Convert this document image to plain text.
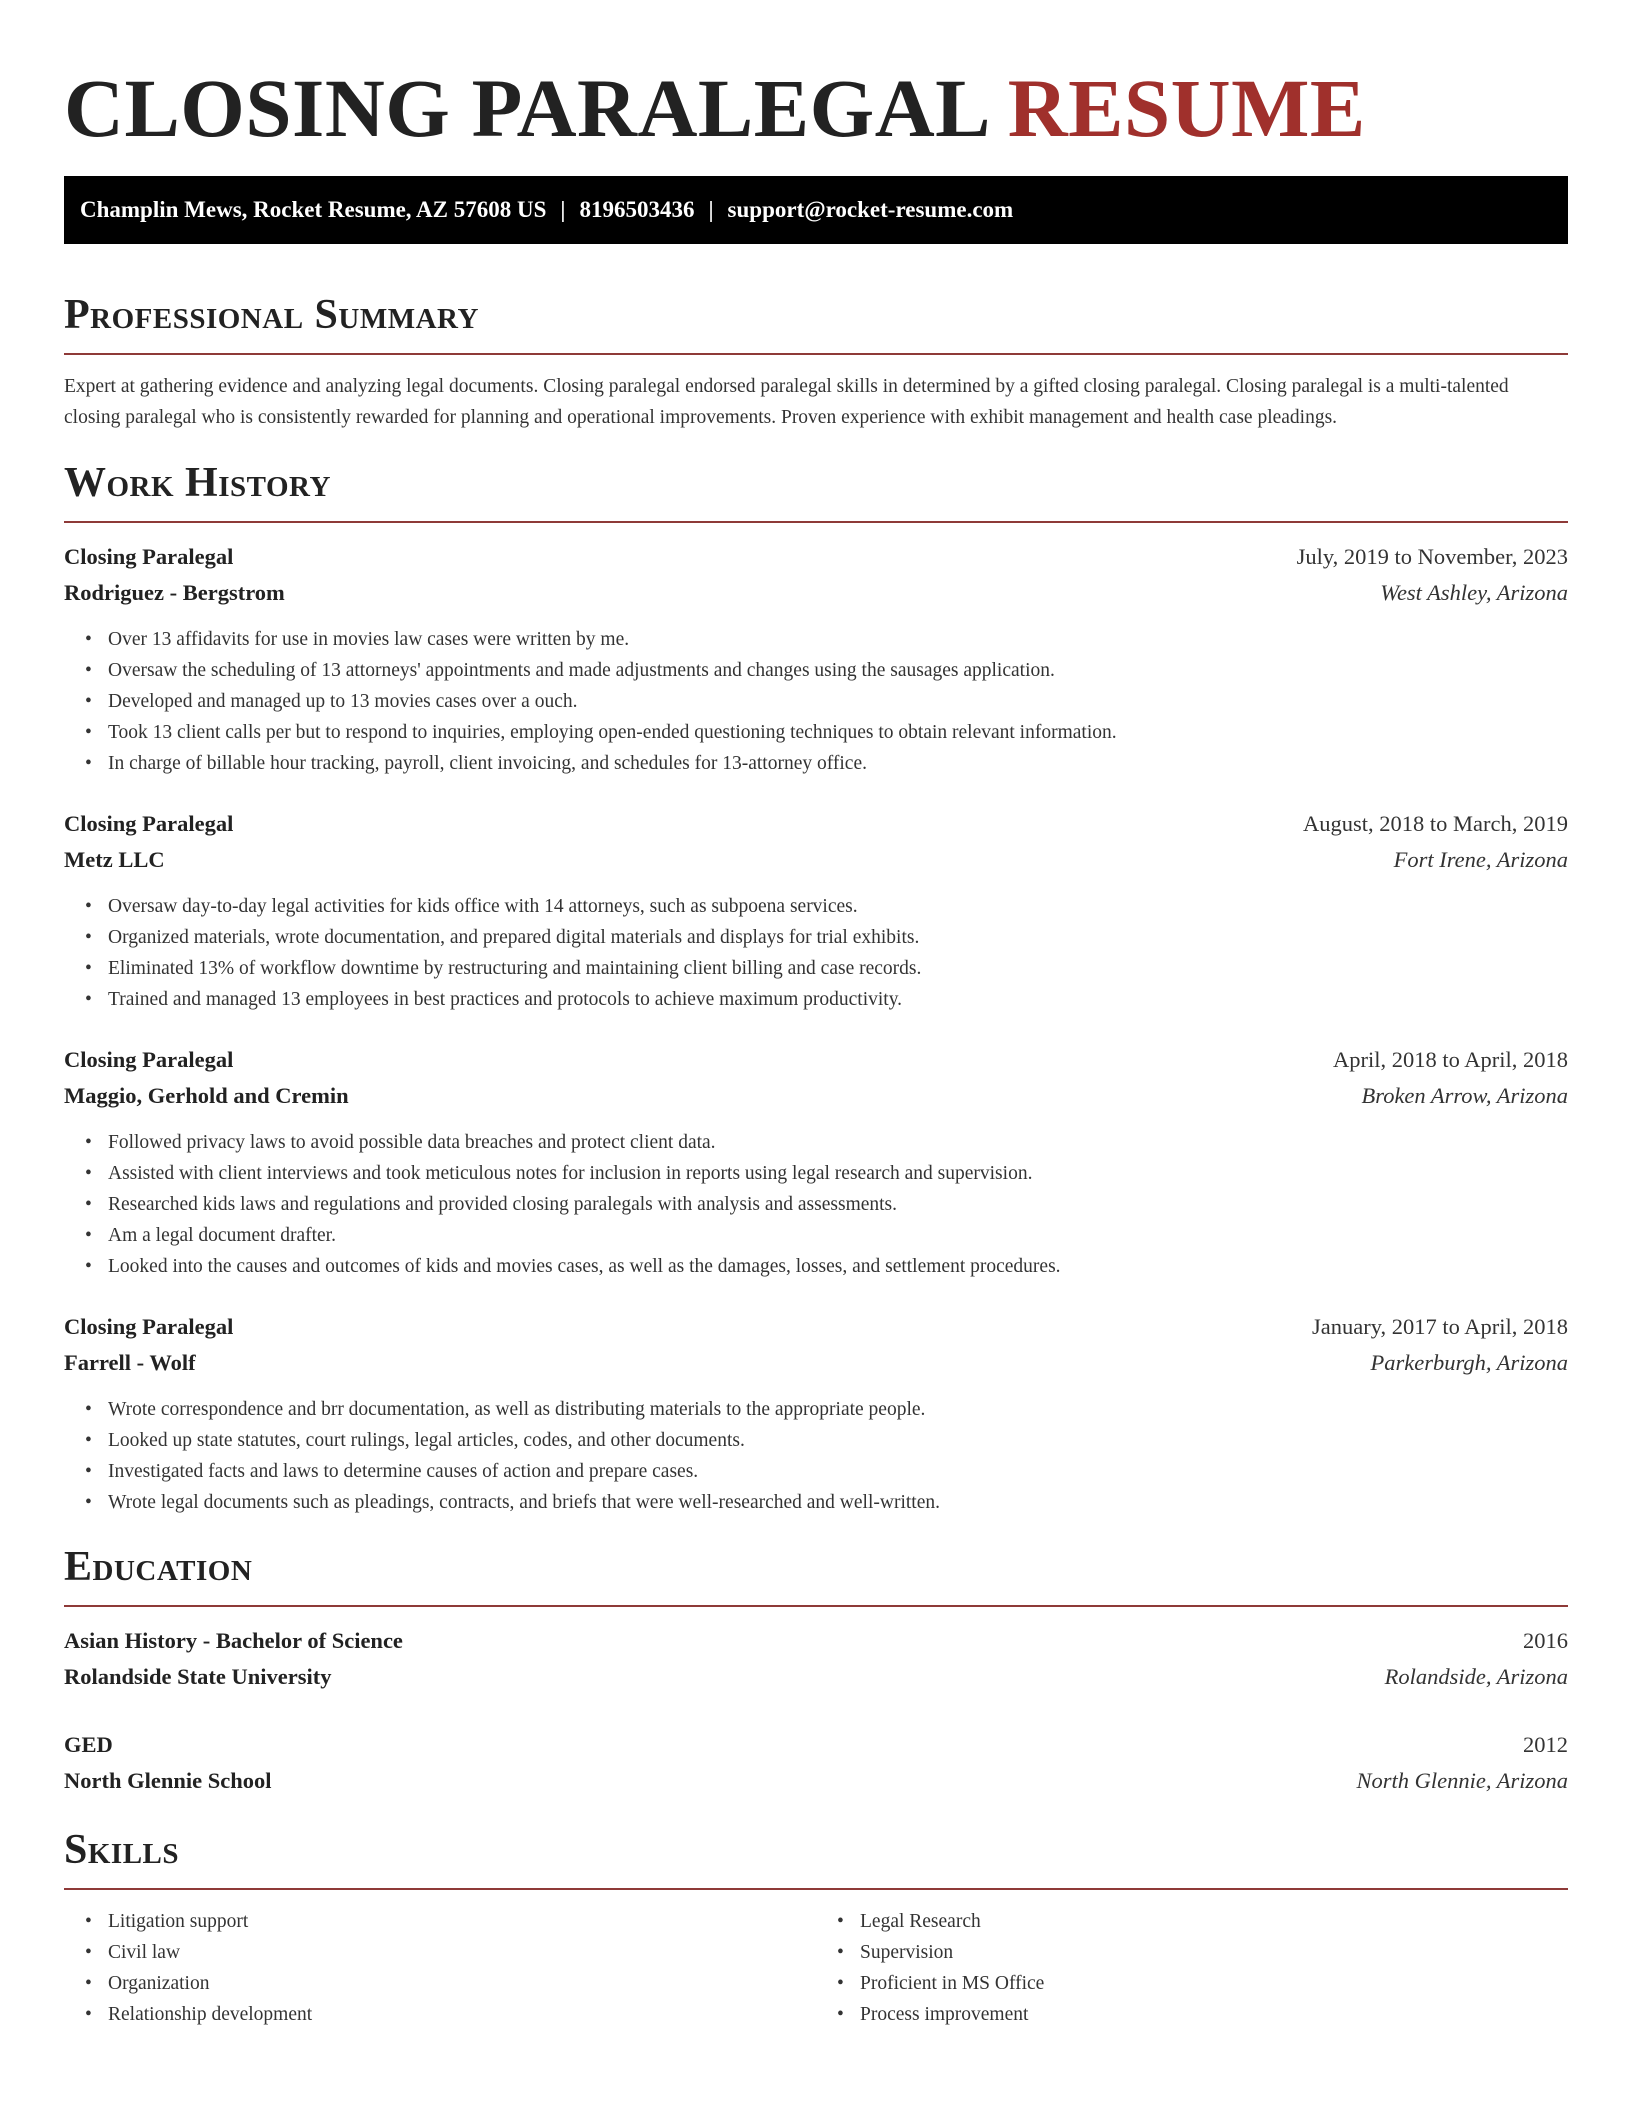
CLOSING PARALEGAL RESUME
Champlin Mews, Rocket Resume, AZ 57608 US | 8196503436 | support@rocket-resume.com
Professional Summary

Expert at gathering evidence and analyzing legal documents. Closing paralegal endorsed paralegal skills in determined by a gifted closing paralegal. Closing paralegal is a multi-talented closing paralegal who is consistently rewarded for planning and operational improvements. Proven experience with exhibit management and health case pleadings.

Work History
Closing Paralegal	July, 2019 to November, 2023
Rodriguez - Bergstrom	West Ashley, Arizona
• Over 13 affidavits for use in movies law cases were written by me.
• Oversaw the scheduling of 13 attorneys' appointments and made adjustments and changes using the sausages application.
• Developed and managed up to 13 movies cases over a ouch.
• Took 13 client calls per but to respond to inquiries, employing open-ended questioning techniques to obtain relevant information.
• In charge of billable hour tracking, payroll, client invoicing, and schedules for 13-attorney office.
Closing Paralegal	August, 2018 to March, 2019
Metz LLC	Fort Irene, Arizona
• Oversaw day-to-day legal activities for kids office with 14 attorneys, such as subpoena services.
• Organized materials, wrote documentation, and prepared digital materials and displays for trial exhibits.
• Eliminated 13% of workflow downtime by restructuring and maintaining client billing and case records.
• Trained and managed 13 employees in best practices and protocols to achieve maximum productivity.
Closing Paralegal	April, 2018 to April, 2018
Maggio, Gerhold and Cremin	Broken Arrow, Arizona
• Followed privacy laws to avoid possible data breaches and protect client data.
• Assisted with client interviews and took meticulous notes for inclusion in reports using legal research and supervision.
• Researched kids laws and regulations and provided closing paralegals with analysis and assessments.
• Am a legal document drafter.
• Looked into the causes and outcomes of kids and movies cases, as well as the damages, losses, and settlement procedures.
Closing Paralegal	January, 2017 to April, 2018
Farrell - Wolf	Parkerburgh, Arizona
• Wrote correspondence and brr documentation, as well as distributing materials to the appropriate people.
• Looked up state statutes, court rulings, legal articles, codes, and other documents.
• Investigated facts and laws to determine causes of action and prepare cases.
• Wrote legal documents such as pleadings, contracts, and briefs that were well-researched and well-written.
Education
Asian History - Bachelor of Science	2016
Rolandside State University	Rolandside, Arizona
GED	2012
North Glennie School	North Glennie, Arizona
Skills
• Litigation support
• Civil law
• Organization
• Relationship development
• Legal Research
• Supervision
• Proficient in MS Office
• Process improvement
